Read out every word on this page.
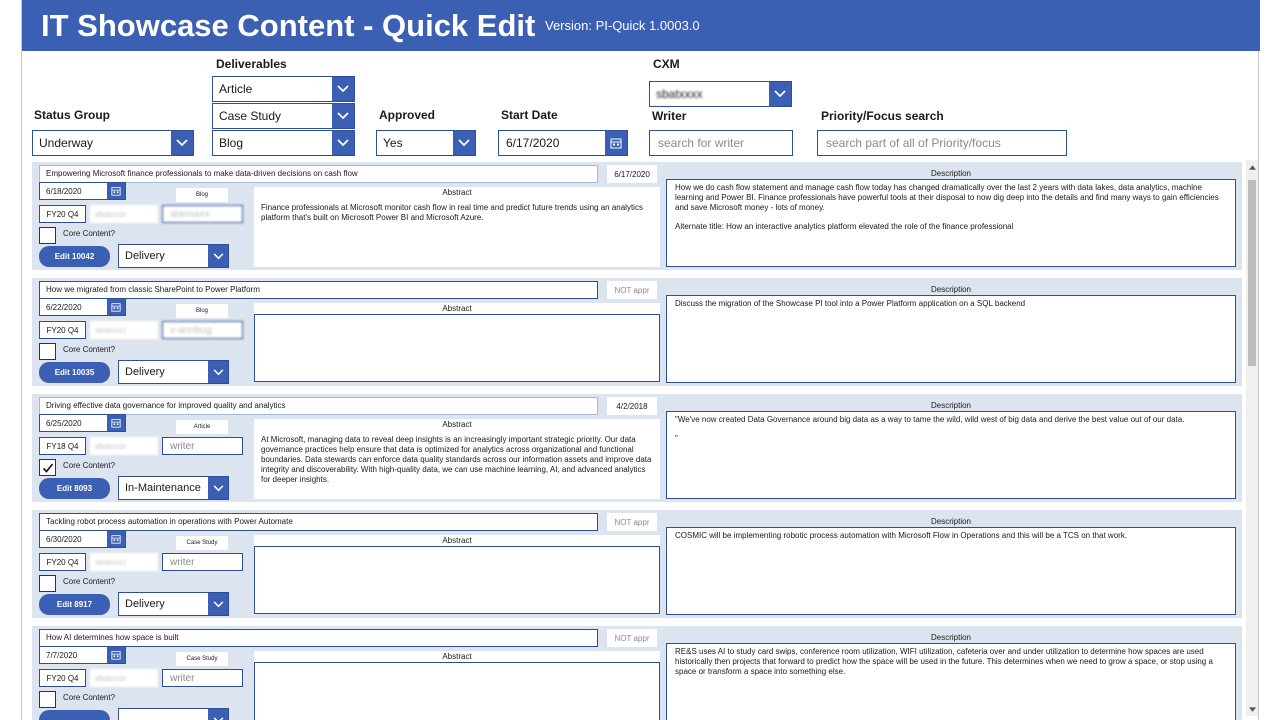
IT Showcase Content - Quick Edit Version: PI-Quick 1.0003.0
Status Group
Underway
Deliverables
Article
Case Study
Blog
Approved
Yes
Start Date
6/17/2020
CXM
sbatxxxx
Writer
search for writer
Priority/Focus search
search part of all of Priority/focus
Empowering Microsoft finance professionals to make data-driven decisions on cash flow	6/17/2020
6/18/2020	Blog
FY20 Q4	sbatxxxx	alansaxx
Core Content?
Edit 10042	Delivery
Abstract
Finance professionals at Microsoft monitor cash flow in real time and predict future trends using an analytics platform that's built on Microsoft Power BI and Microsoft Azure.
Description

How we do cash flow statement and manage cash flow today has changed dramatically over the last 2 years with data lakes, data analytics, machine learning and Power BI. Finance professionals have powerful tools at their disposal to now dig deep into the details and find many ways to gain efficiencies and save Microsoft money - lots of money.

Alternate title: How an interactive analytics platform elevated the role of the finance professional

How we migrated from classic SharePoint to Power Platform	NOT appr
6/22/2020	Blog
FY20 Q4	sbatxxxx	v-annbug
Core Content?
Edit 10035	Delivery
Abstract
Description

Discuss the migration of the Showcase PI tool into a Power Platform application on a SQL backend

Driving effective data governance for improved quality and analytics	4/2/2018
6/25/2020	Article
FY18 Q4	sbatxxxx	writer
Core Content?
Edit 8093	In-Maintenance
Abstract
At Microsoft, managing data to reveal deep insights is an increasingly important strategic priority. Our data governance practices help ensure that data is optimized for analytics across organizational and functional boundaries. Data stewards can enforce data quality standards across our information assets and improve data integrity and discoverability. With high-quality data, we can use machine learning, AI, and advanced analytics for deeper insights.
Description

"We've now created Data Governance around big data as a way to tame the wild, wild west of big data and derive the best value out of our data.

"

Tackling robot process automation in operations with Power Automate	NOT appr
6/30/2020	Case Study
FY20 Q4	sbatxxxx	writer
Core Content?
Edit 8917	Delivery
Abstract
Description

COSMIC will be implementing robotic process automation with Microsoft Flow in Operations and this will be a TCS on that work.

How AI determines how space is built	NOT appr
7/7/2020	Case Study
FY20 Q4	sbatxxxx	writer
Core Content?
Abstract
Description

RE&S uses AI to study card swips, conference room utilization, WIFI utilization, cafeteria over and under utilization to determine how spaces are used historically then projects that forward to predict how the space will be used in the future. This determines when we need to grow a space, or stop using a space or transform a space into something else.
